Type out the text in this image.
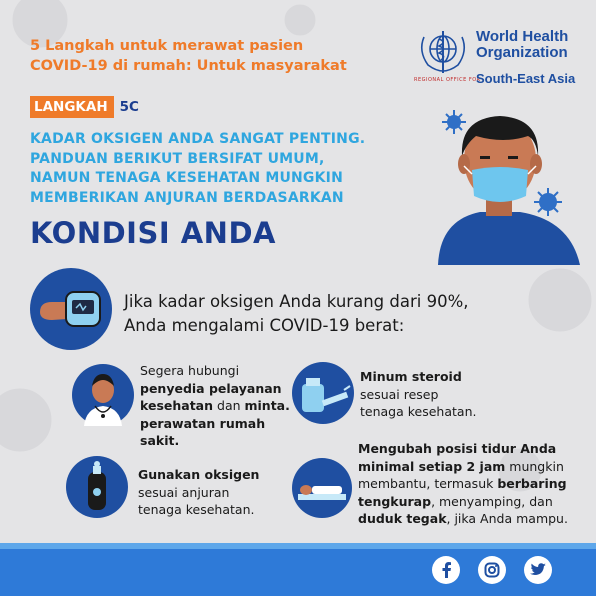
5 Langkah untuk merawat pasien
COVID-19 di rumah: Untuk masyarakat
World Health
Organization
REGIONAL OFFICE FOR
South-East Asia
LANGKAH 5C
KADAR OKSIGEN ANDA SANGAT PENTING.
PANDUAN BERIKUT BERSIFAT UMUM,
NAMUN TENAGA KESEHATAN MUNGKIN
MEMBERIKAN ANJURAN BERDASARKAN
KONDISI ANDA
Jika kadar oksigen Anda kurang dari 90%,
Anda mengalami COVID-19 berat:
Segera hubungi
penyedia pelayanan
kesehatan dan minta.
perawatan rumah sakit.
Minum steroid
sesuai resep
tenaga kesehatan.
Gunakan oksigen
sesuai anjuran
tenaga kesehatan.
Mengubah posisi tidur Anda
minimal setiap 2 jam mungkin
membantu, termasuk berbaring
tengkurap, menyamping, dan
duduk tegak, jika Anda mampu.
